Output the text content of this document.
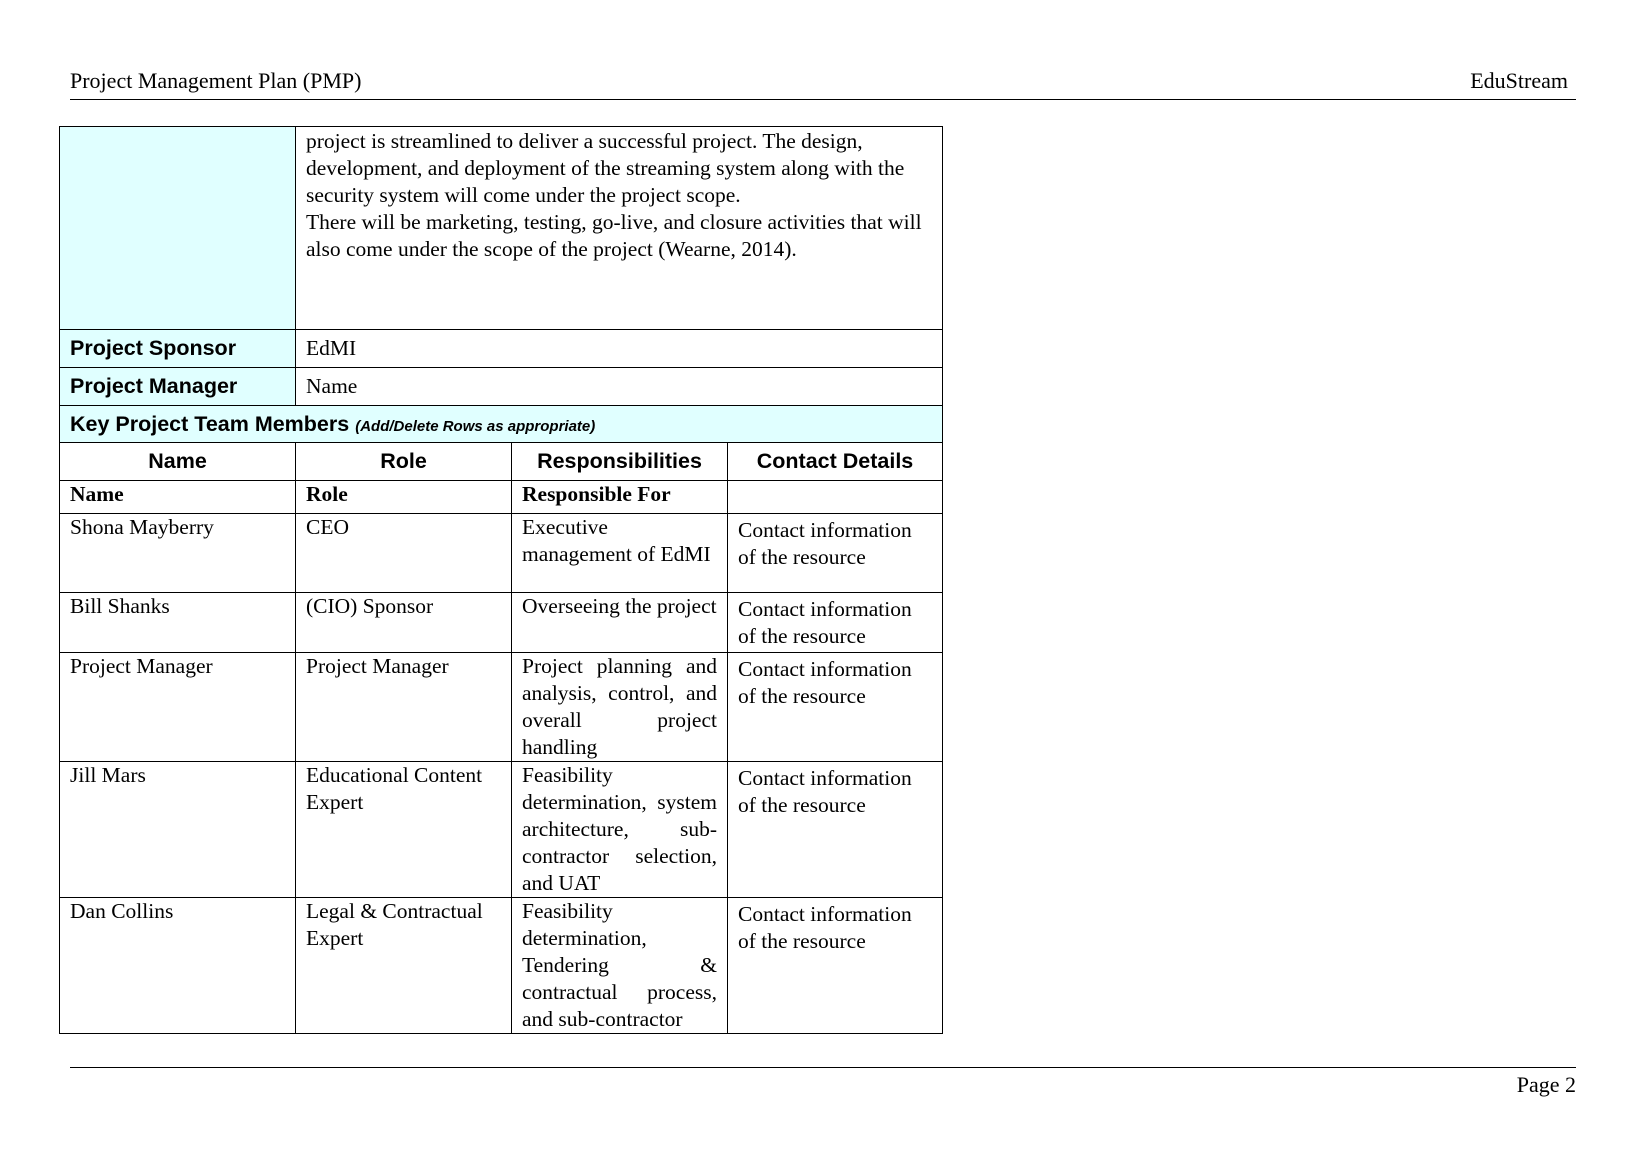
Project Management Plan (PMP)	EduStream

	project is streamlined to deliver a successful project. The design, development, and deployment of the streaming system along with the security system will come under the project scope.

There will be marketing, testing, go-live, and closure activities that will also come under the scope of the project (Wearne, 2014).		

Project Sponsor	EdMI		
Project Manager	Name		
Key Project Team Members (Add/Delete Rows as appropriate)			
Name	Role	Responsibilities	Contact Details
Name	Role	Responsible For	
Shona Mayberry	CEO	Executive management of EdMI	Contact information of the resource
Bill Shanks	(CIO) Sponsor	Overseeing the project	Contact information of the resource
Project Manager	Project Manager	Project planning and analysis, control, and overall project handling	Contact information of the resource
Jill Mars	Educational Content Expert	Feasibility determination, system architecture, sub-contractor selection, and UAT	Contact information of the resource
Dan Collins	Legal & Contractual Expert	Feasibility determination, Tendering & contractual process, and sub-contractor	Contact information of the resource
Page 2
